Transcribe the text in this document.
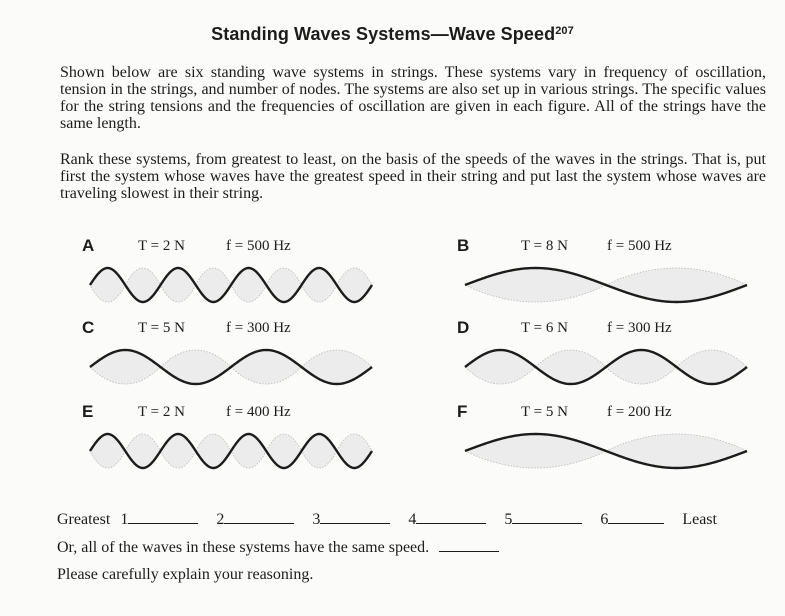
Standing Waves Systems—Wave Speed$^{207}$
Shown below are six standing wave systems in strings. These systems vary in frequency of oscillation, tension in the strings, and number of nodes. The systems are also set up in various strings. The specific values for the string tensions and the frequencies of oscillation are given in each figure. All of the strings have the same length.
Rank these systems, from greatest to least, on the basis of the speeds of the waves in the strings. That is, put first the system whose waves have the greatest speed in their string and put last the system whose waves are traveling slowest in their string.
A	T = 2 N	f = 500 Hz	B	T = 8 N	f = 500 Hz
C	T = 5 N	f = 300 Hz	D	T = 6 N	f = 300 Hz
E	T = 2 N	f = 400 Hz	F	T = 5 N	f = 200 Hz
Greatest 1	2	3	4	5	6	Least
Or, all of the waves in these systems have the same speed.
Please carefully explain your reasoning.
